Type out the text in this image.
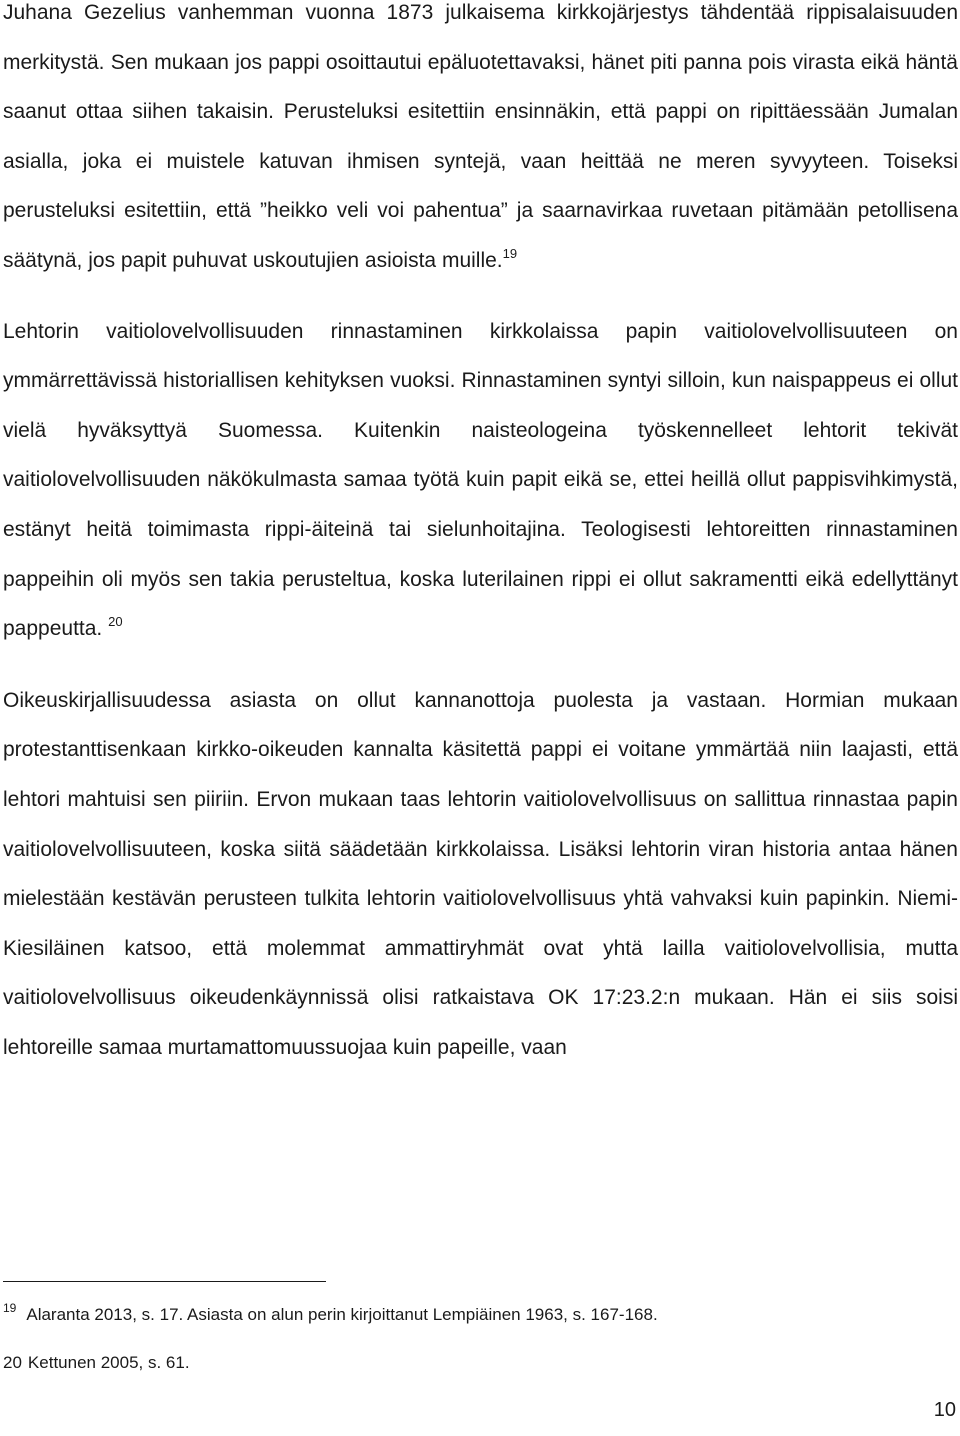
Juhana Gezelius vanhemman vuonna 1873 julkaisema kirkkojärjestys tähdentää rippisalaisuuden merkitystä. Sen mukaan jos pappi osoittautui epäluotettavaksi, hänet piti panna pois virasta eikä häntä saanut ottaa siihen takaisin. Perusteluksi esitettiin ensinnäkin, että pappi on ripittäessään Jumalan asialla, joka ei muistele katuvan ihmisen syntejä, vaan heittää ne meren syvyyteen. Toiseksi perusteluksi esitettiin, että ”heikko veli voi pahentua” ja saarnavirkaa ruvetaan pitämään petollisena säätynä, jos papit puhuvat uskoutujien asioista muille.$^{19}$

Lehtorin vaitiolovelvollisuuden rinnastaminen kirkkolaissa papin vaitiolovelvollisuuteen on ymmärrettävissä historiallisen kehityksen vuoksi. Rinnastaminen syntyi silloin, kun naispappeus ei ollut vielä hyväksyttyä Suomessa. Kuitenkin naisteologeina työskennelleet lehtorit tekivät vaitiolovelvollisuuden näkökulmasta samaa työtä kuin papit eikä se, ettei heillä ollut pappisvihkimystä, estänyt heitä toimimasta rippi-äiteinä tai sielunhoitajina. Teologisesti lehtoreitten rinnastaminen pappeihin oli myös sen takia perusteltua, koska luterilainen rippi ei ollut sakramentti eikä edellyttänyt pappeutta. $^{20}$

Oikeuskirjallisuudessa asiasta on ollut kannanottoja puolesta ja vastaan. Hormian mukaan protestanttisenkaan kirkko-oikeuden kannalta käsitettä pappi ei voitane ymmärtää niin laajasti, että lehtori mahtuisi sen piiriin. Ervon mukaan taas lehtorin vaitiolovelvollisuus on sallittua rinnastaa papin vaitiolovelvollisuuteen, koska siitä säädetään kirkkolaissa. Lisäksi lehtorin viran historia antaa hänen mielestään kestävän perusteen tulkita lehtorin vaitiolovelvollisuus yhtä vahvaksi kuin papinkin. Niemi-Kiesiläinen katsoo, että molemmat ammattiryhmät ovat yhtä lailla vaitiolovelvollisia, mutta vaitiolovelvollisuus oikeudenkäynnissä olisi ratkaistava OK 17:23.2:n mukaan. Hän ei siis soisi lehtoreille samaa murtamattomuussuojaa kuin papeille, vaan

$^{19}$ Alaranta 2013, s. 17. Asiasta on alun perin kirjoittanut Lempiäinen 1963, s. 167-168.
20 Kettunen 2005, s. 61.
10
